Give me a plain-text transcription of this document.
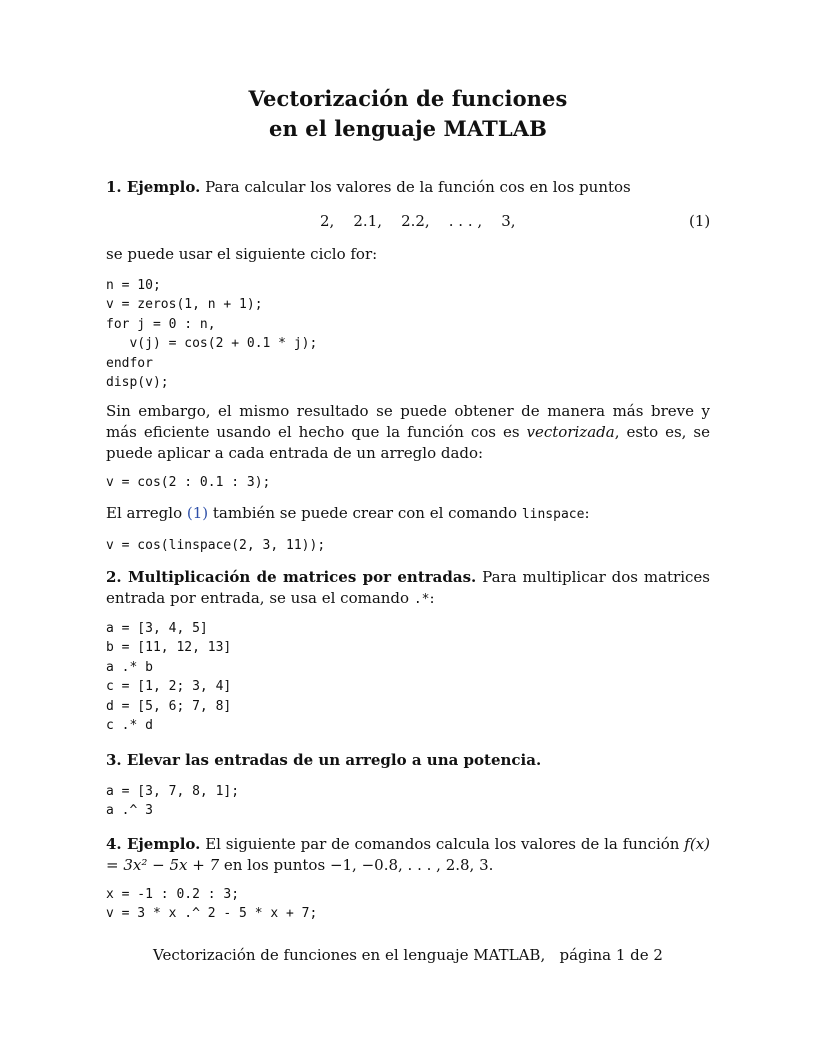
Vectorización de funciones
en el lenguaje MATLAB
1. Ejemplo. Para calcular los valores de la función cos en los puntos
2,    2.1,    2.2,    . . . ,    3,	(1)
se puede usar el siguiente ciclo for:
n = 10;
v = zeros(1, n + 1);
for j = 0 : n,
v(j) = cos(2 + 0.1 * j);
endfor
disp(v);
Sin embargo, el mismo resultado se puede obtener de manera más breve y más eficiente usando el hecho que la función cos es vectorizada, esto es, se puede aplicar a cada entrada de un arreglo dado:
v = cos(2 : 0.1 : 3);
El arreglo (1) también se puede crear con el comando linspace:
v = cos(linspace(2, 3, 11));
2. Multiplicación de matrices por entradas. Para multiplicar dos matrices entrada por entrada, se usa el comando .*:
a = [3, 4, 5]
b = [11, 12, 13]
a .* b
c = [1, 2; 3, 4]
d = [5, 6; 7, 8]
c .* d
3. Elevar las entradas de un arreglo a una potencia.
a = [3, 7, 8, 1];
a .^ 3
4. Ejemplo. El siguiente par de comandos calcula los valores de la función f(x) = 3x² − 5x + 7 en los puntos −1, −0.8, . . . , 2.8, 3.
x = -1 : 0.2 : 3;
v = 3 * x .^ 2 - 5 * x + 7;
Vectorización de funciones en el lenguaje MATLAB,   página 1 de 2
